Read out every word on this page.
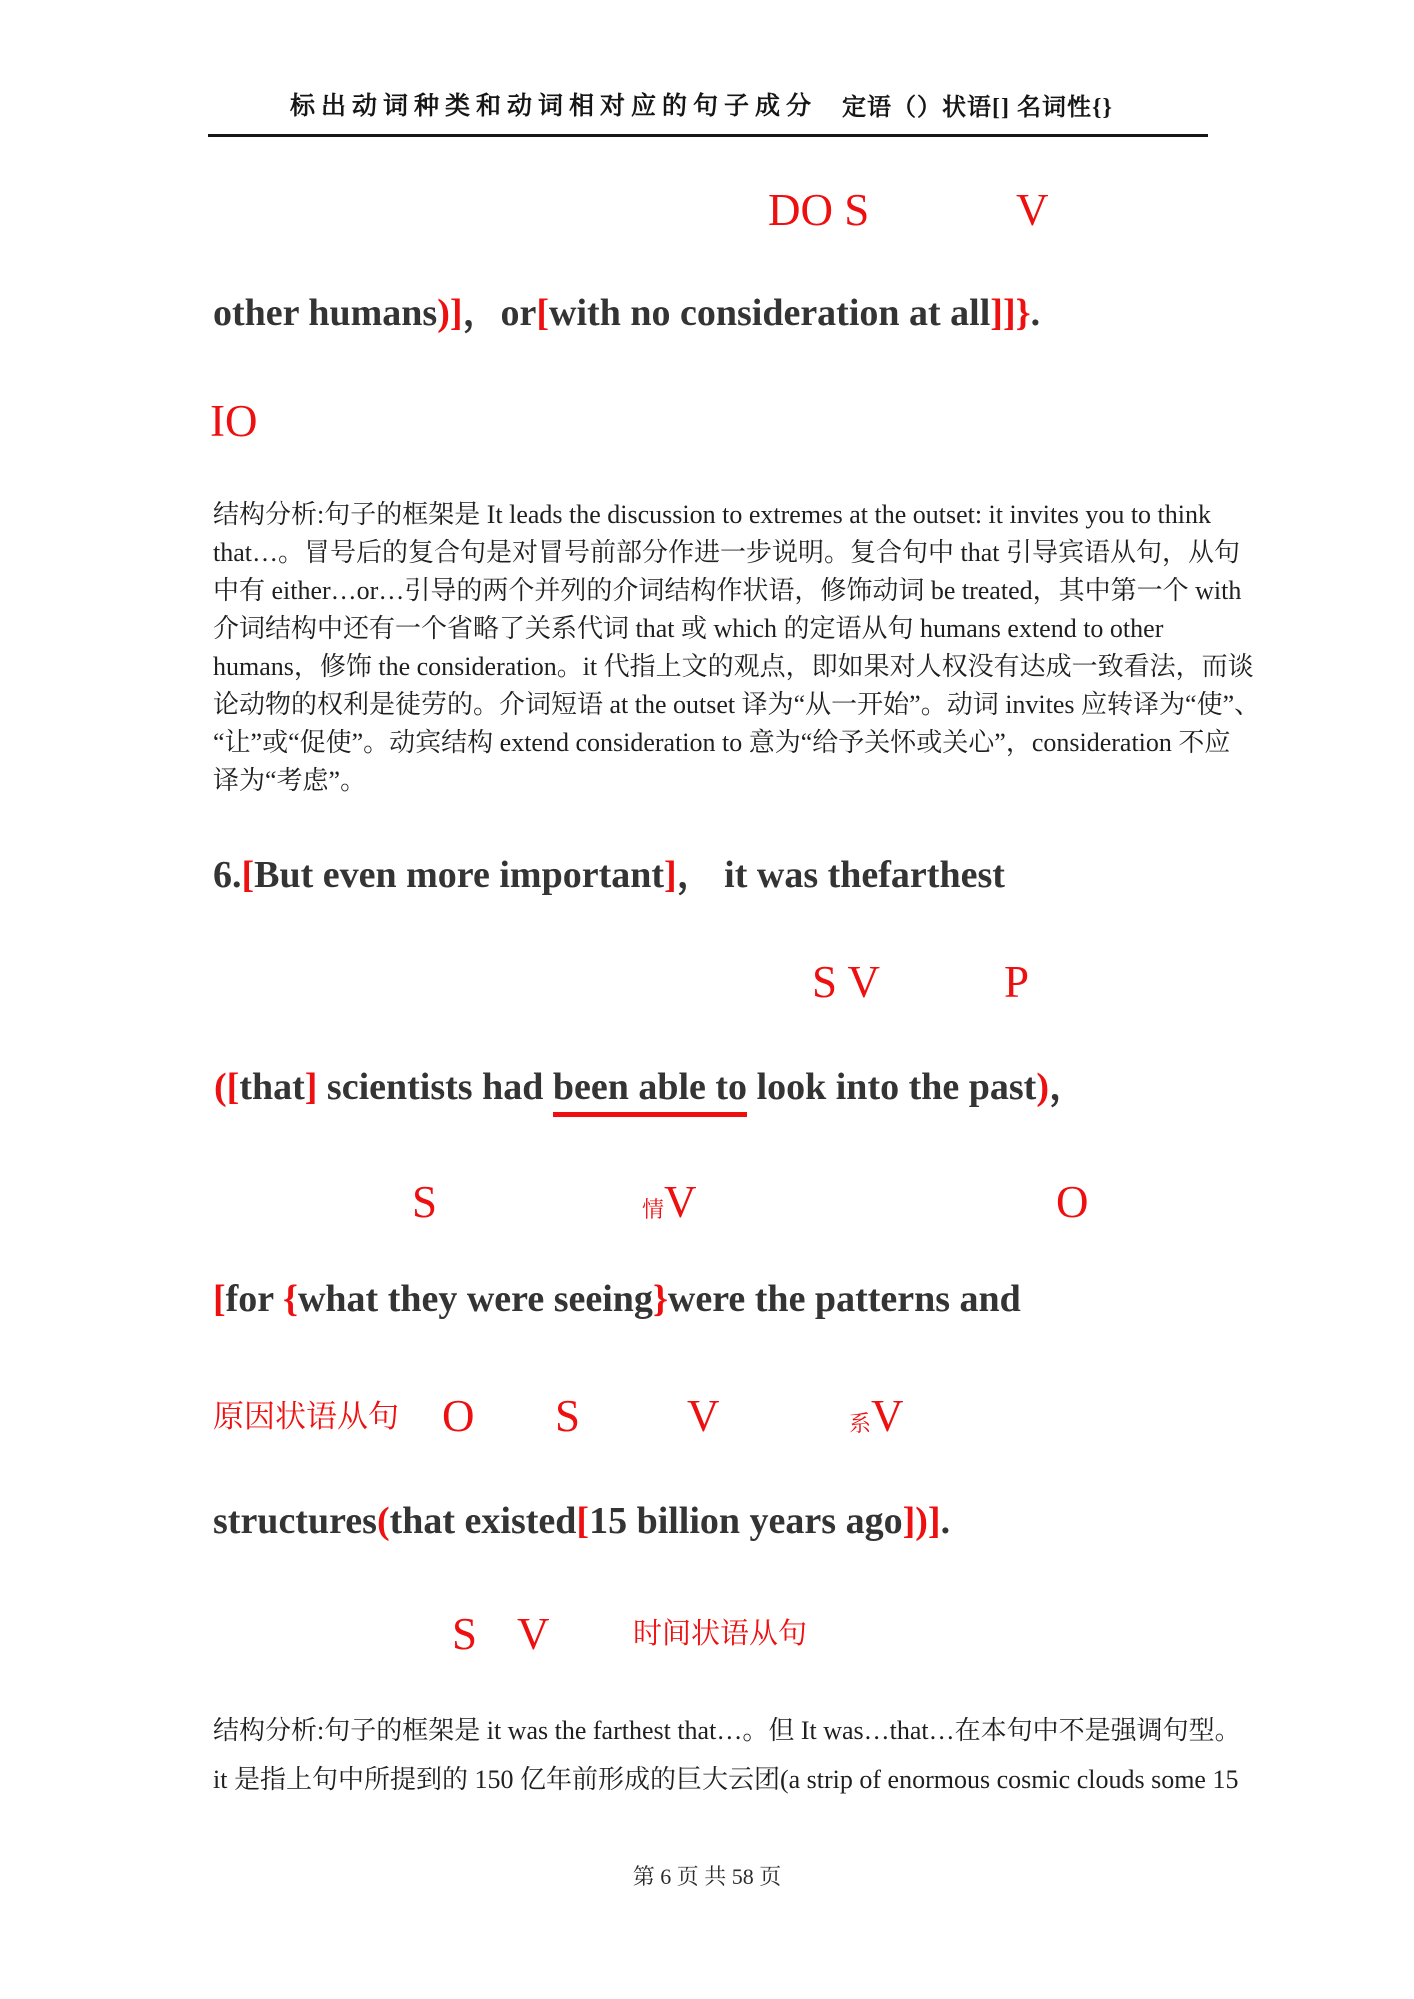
标出动词种类和动词相对应的句子成分 定语（）状语[] 名词性{}
DO S	V
other humans)]，or[with no consideration at all]]}.
IO
结构分析:句子的框架是 It leads the discussion to extremes at the outset: it invites you to think
that…。冒号后的复合句是对冒号前部分作进一步说明。复合句中 that 引导宾语从句，从句
中有 either…or…引导的两个并列的介词结构作状语，修饰动词 be treated，其中第一个 with
介词结构中还有一个省略了关系代词 that 或 which 的定语从句 humans extend to other
humans，修饰 the consideration。it 代指上文的观点，即如果对人权没有达成一致看法，而谈
论动物的权利是徒劳的。介词短语 at the outset 译为“从一开始”。动词 invites 应转译为“使”、
“让”或“促使”。动宾结构 extend consideration to 意为“给予关怀或关心”，consideration 不应
译为“考虑”。
6.[But even more important]， it was thefarthest
S V	P
([that] scientists had been able to look into the past)，
S	情V	O
[for {what they were seeing}were the patterns and
原因状语从句 O S V	系V
structures(that existed[15 billion years ago])].
S V	时间状语从句
结构分析:句子的框架是 it was the farthest that…。但 It was…that…在本句中不是强调句型。
it 是指上句中所提到的 150 亿年前形成的巨大云团(a strip of enormous cosmic clouds some 15
第 6 页 共 58 页
